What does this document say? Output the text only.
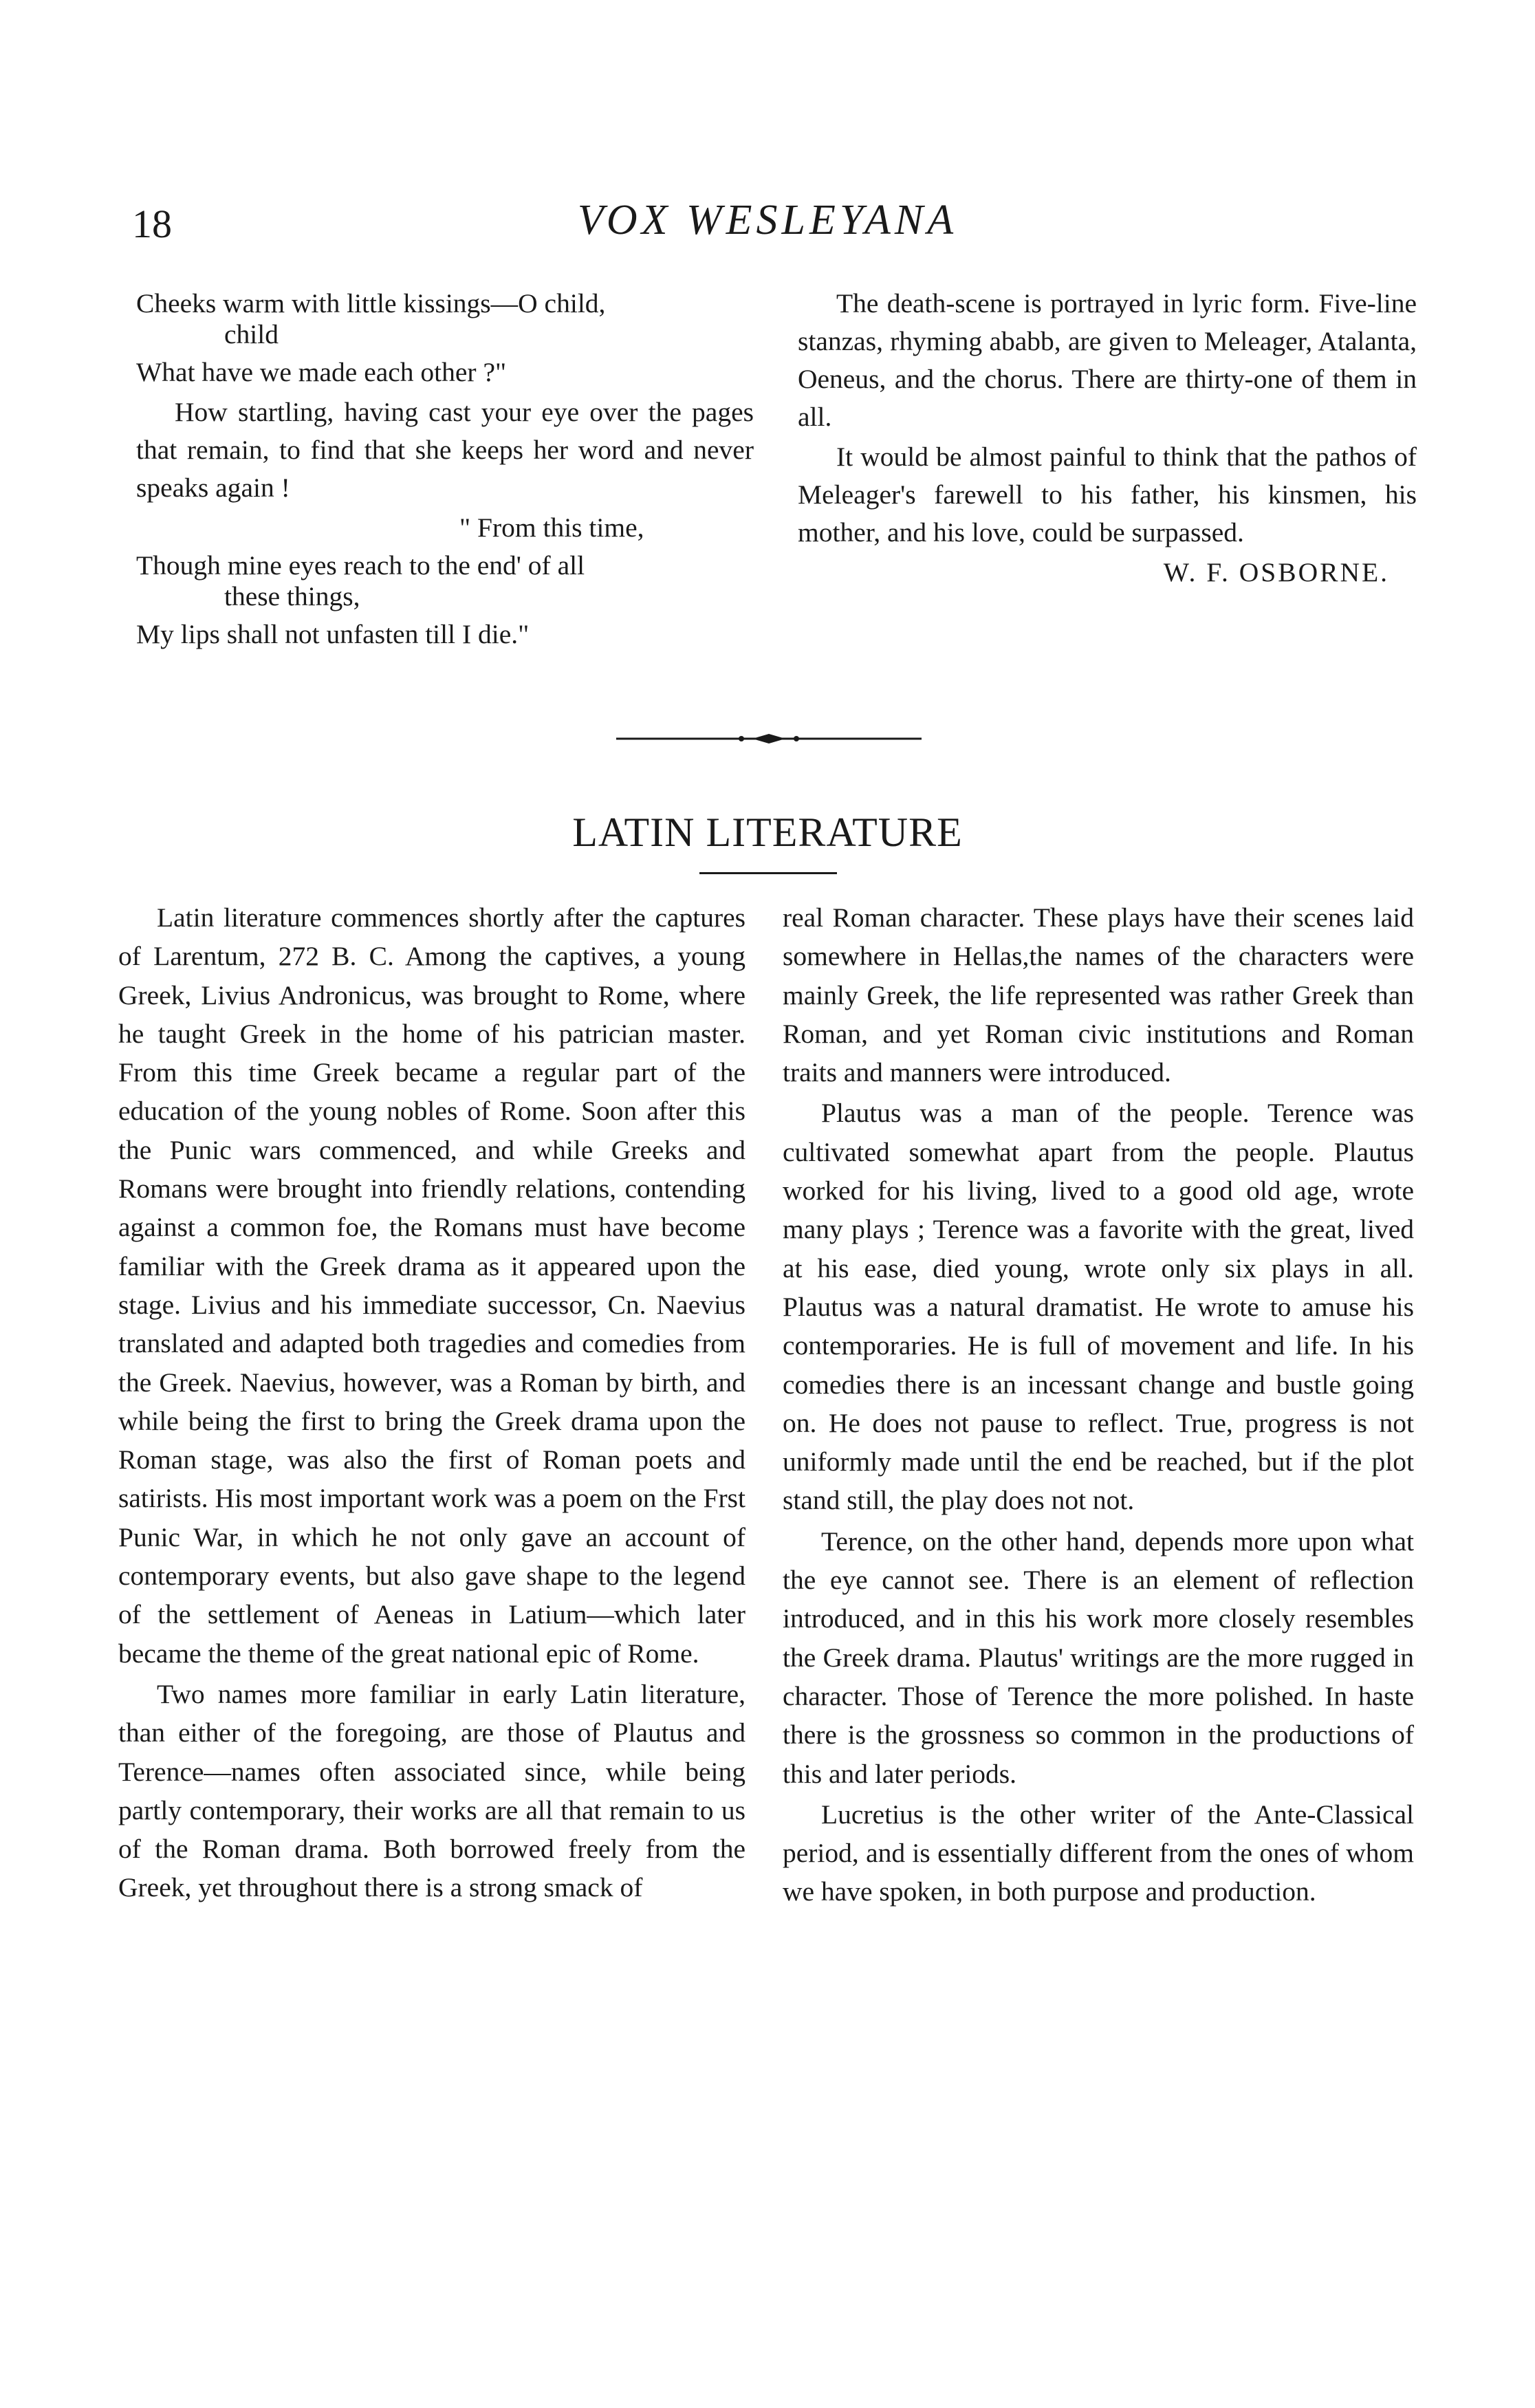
18	VOX WESLEYANA

Cheeks warm with little kissings—O child,
child
What have we made each other ?"

How startling, having cast your eye over the pages that remain, to find that she keeps her word and never speaks again !

" From this time,
Though mine eyes reach to the end' of all
these things,
My lips shall not unfasten till I die."

The death-scene is portrayed in lyric form. Five-line stanzas, rhyming ababb, are given to Meleager, Atalanta, Oeneus, and the chorus. There are thirty-one of them in all.

It would be almost painful to think that the pathos of Meleager's farewell to his father, his kinsmen, his mother, and his love, could be surpassed.

W. F. OSBORNE.

LATIN LITERATURE

Latin literature commences shortly after the captures of Larentum, 272 B. C. Among the captives, a young Greek, Livius Andronicus, was brought to Rome, where he taught Greek in the home of his patrician master. From this time Greek became a regular part of the education of the young nobles of Rome. Soon after this the Punic wars commenced, and while Greeks and Romans were brought into friendly relations, contending against a common foe, the Romans must have become familiar with the Greek drama as it appeared upon the stage. Livius and his immediate successor, Cn. Naevius translated and adapted both tragedies and comedies from the Greek. Naevius, however, was a Roman by birth, and while being the first to bring the Greek drama upon the Roman stage, was also the first of Roman poets and satirists. His most important work was a poem on the Frst Punic War, in which he not only gave an account of contemporary events, but also gave shape to the legend of the settlement of Aeneas in Latium—which later became the theme of the great national epic of Rome.

Two names more familiar in early Latin literature, than either of the foregoing, are those of Plautus and Terence—names often associated since, while being partly contemporary, their works are all that remain to us of the Roman drama. Both borrowed freely from the Greek, yet throughout there is a strong smack of

real Roman character. These plays have their scenes laid somewhere in Hellas,the names of the characters were mainly Greek, the life represented was rather Greek than Roman, and yet Roman civic institutions and Roman traits and manners were introduced.

Plautus was a man of the people. Terence was cultivated somewhat apart from the people. Plautus worked for his living, lived to a good old age, wrote many plays ; Terence was a favorite with the great, lived at his ease, died young, wrote only six plays in all. Plautus was a natural dramatist. He wrote to amuse his contemporaries. He is full of movement and life. In his comedies there is an incessant change and bustle going on. He does not pause to reflect. True, progress is not uniformly made until the end be reached, but if the plot stand still, the play does not not.

Terence, on the other hand, depends more upon what the eye cannot see. There is an element of reflection introduced, and in this his work more closely resembles the Greek drama. Plautus' writings are the more rugged in character. Those of Terence the more polished. In haste there is the grossness so common in the productions of this and later periods.

Lucretius is the other writer of the Ante-Classical period, and is essentially different from the ones of whom we have spoken, in both purpose and production.
